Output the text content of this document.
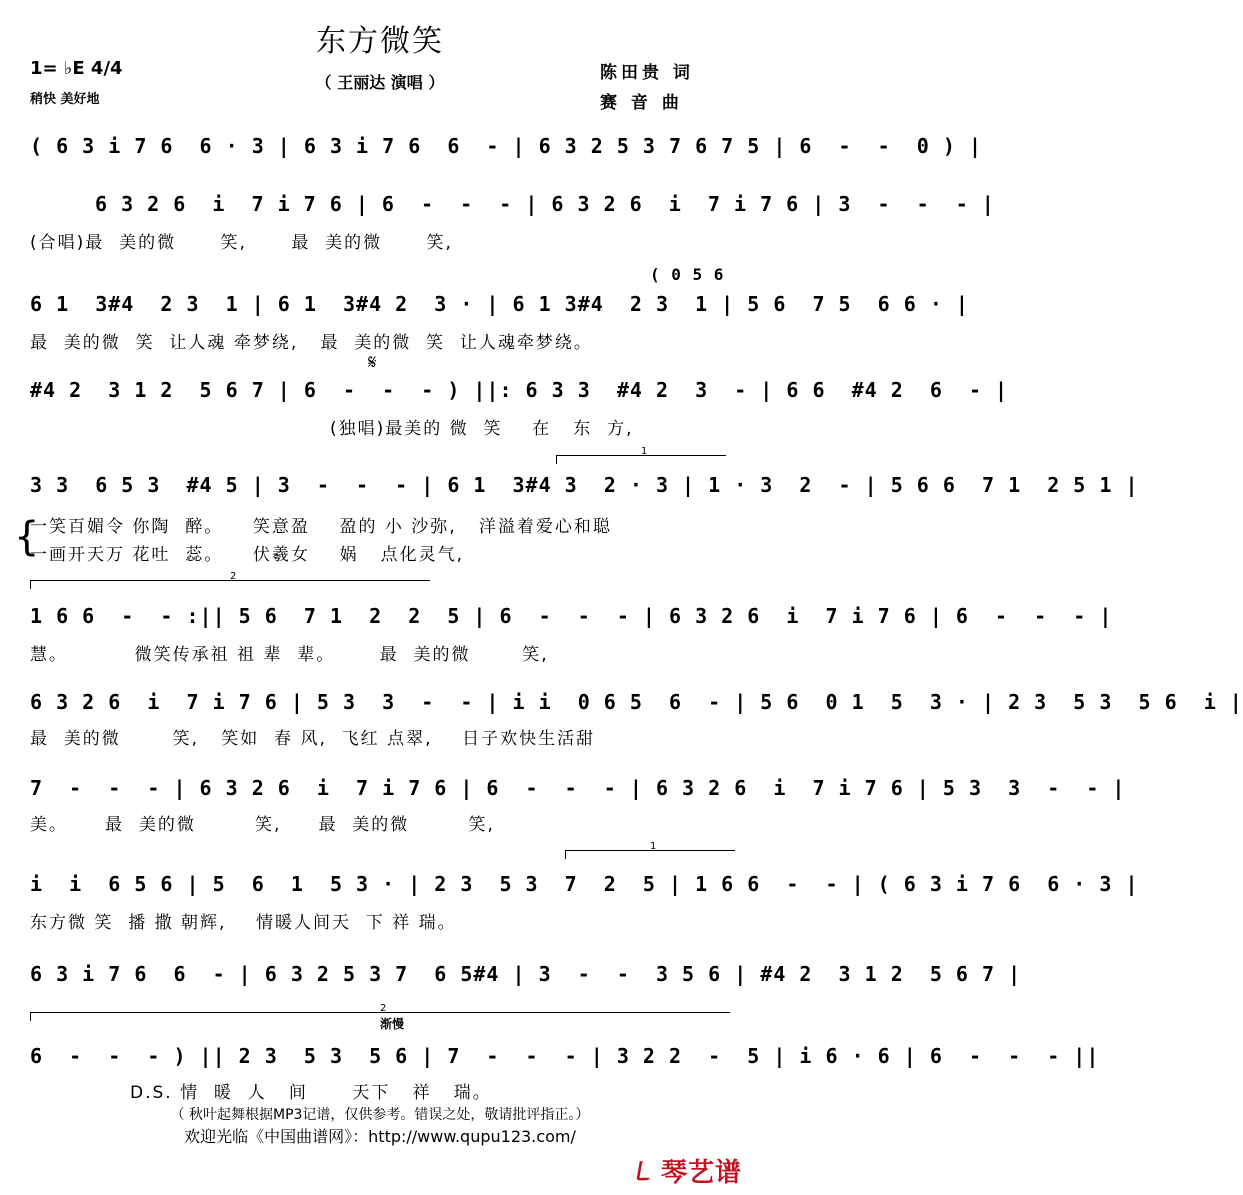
东方微笑
（ 王丽达 演唱 ）
1= ♭E 4/4
稍快 美好地
陈田贵 词
赛 音 曲
( 0 5 6
𝄋
渐慢
1
2
1
2
( 6 3 i 7 6  6 · 3 | 6 3 i 7 6  6  - | 6 3 2 5 3 7 6 7 5 | 6  -  -  0 ) |
6 3 2 6  i  7 i 7 6 | 6  -  -  - | 6 3 2 6  i  7 i 7 6 | 3  -  -  - |
(合唱)最  美的微      笑,      最  美的微      笑,
6 1  3#4  2 3  1 | 6 1  3#4 2  3 · | 6 1 3#4  2 3  1 | 5 6  7 5  6 6 · |
最  美的微  笑  让人魂 牵梦绕,   最  美的微  笑  让人魂牵梦绕。
#4 2  3 1 2  5 6 7 | 6  -  -  - ) ||: 6 3 3  #4 2  3  - | 6 6  #4 2  6  - |
(独唱)最美的 微  笑    在   东  方,
3 3  6 5 3  #4 5 | 3  -  -  - | 6 1  3#4 3  2 · 3 | 1 · 3  2  - | 5 6 6  7 1  2 5 1 |
一笑百媚令 你陶  醉。    笑意盈    盈的 小 沙弥,   洋溢着爱心和聪
一画开天万 花吐  蕊。    伏羲女    娲   点化灵气,
{
1 6 6  -  - :|| 5 6  7 1  2  2  5 | 6  -  -  - | 6 3 2 6  i  7 i 7 6 | 6  -  -  - |
慧。         微笑传承祖 祖 辈  辈。      最  美的微       笑,
6 3 2 6  i  7 i 7 6 | 5 3  3  -  - | i i  0 6 5  6  - | 5 6  0 1  5  3 · | 2 3  5 3  5 6  i |
最  美的微       笑,   笑如  春 风,  飞红 点翠,    日子欢快生活甜
7  -  -  - | 6 3 2 6  i  7 i 7 6 | 6  -  -  - | 6 3 2 6  i  7 i 7 6 | 5 3  3  -  - |
美。     最  美的微        笑,     最  美的微        笑,
i  i  6 5 6 | 5  6  1  5 3 · | 2 3  5 3  7  2  5 | 1 6 6  -  - | ( 6 3 i 7 6  6 · 3 |
东方微 笑  播 撒 朝辉,    情暖人间天  下 祥 瑞。
6 3 i 7 6  6  - | 6 3 2 5 3 7  6 5#4 | 3  -  -  3 5 6 | #4 2  3 1 2  5 6 7 |
6  -  -  - ) || 2 3  5 3  5 6 | 7  -  -  - | 3 2 2  -  5 | i 6 · 6 | 6  -  -  - ||
D.S. 情  暖  人   间      天下   祥   瑞。
（ 秋叶起舞根据MP3记谱，仅供参考。错误之处，敬请批评指正。）
欢迎光临《中国曲谱网》：http://www.qupu123.com/
㇄琴艺谱
